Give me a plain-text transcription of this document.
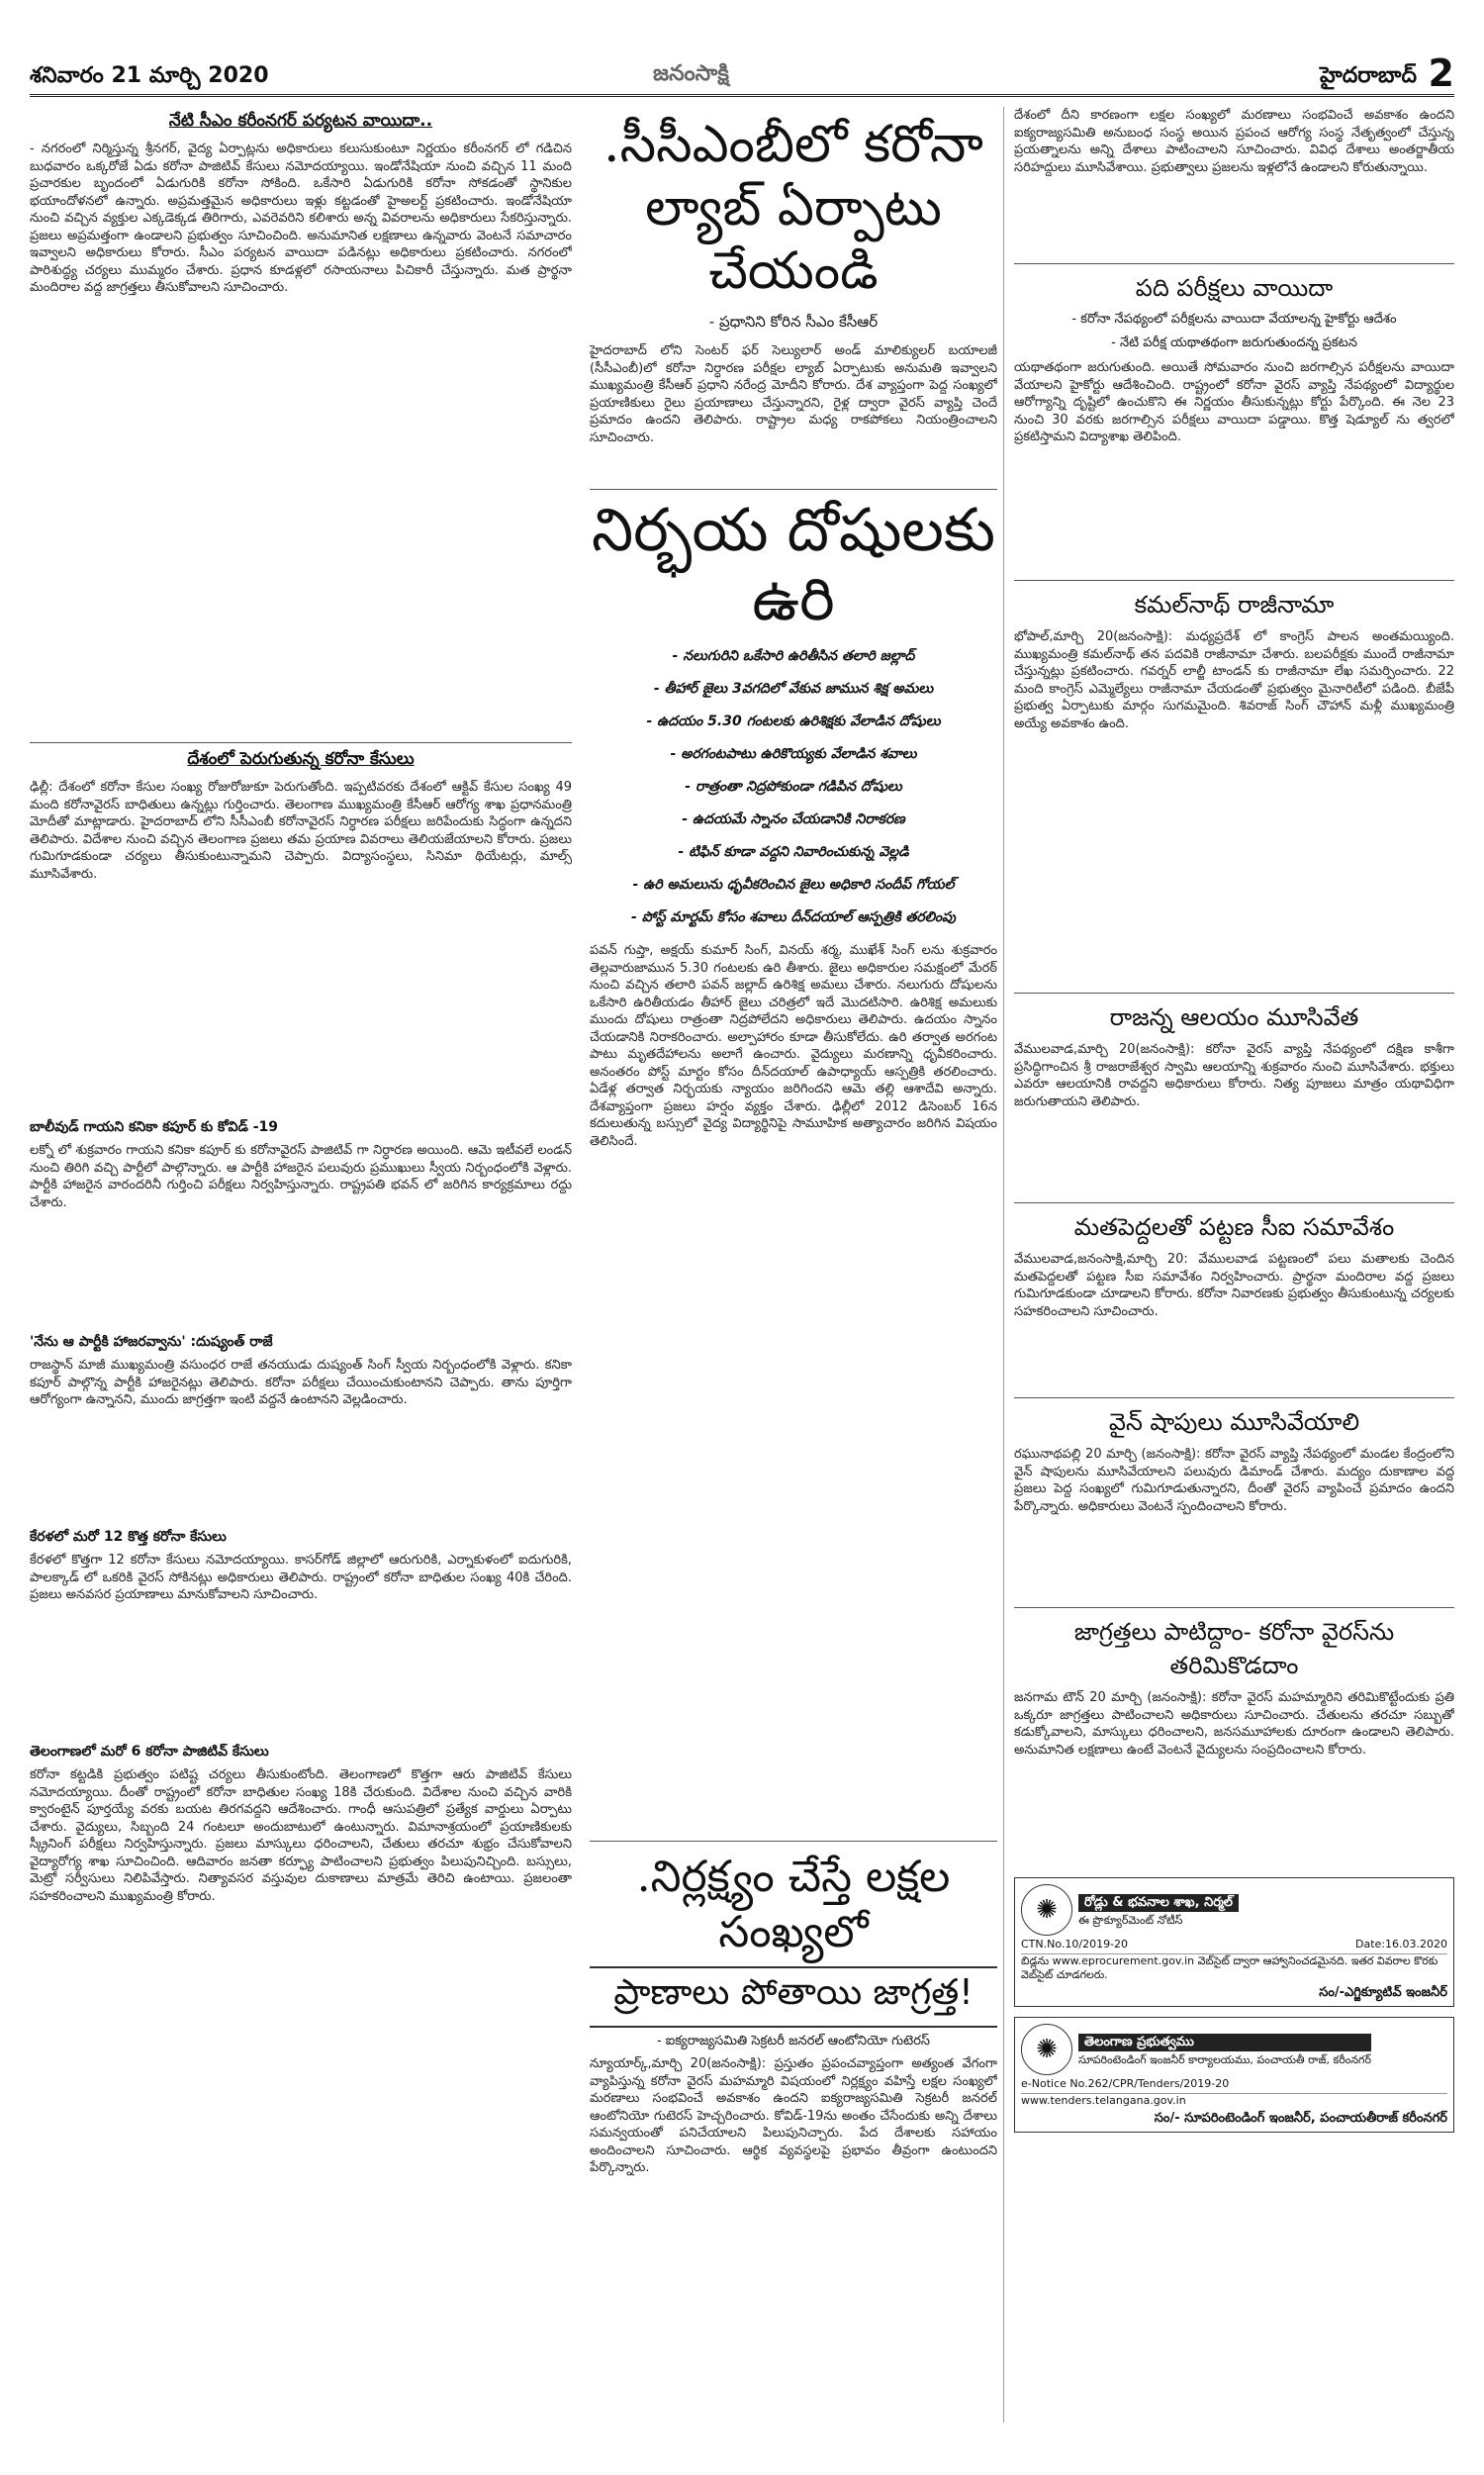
శనివారం 21 మార్చి 2020	జనంసాక్షి	హైదరాబాద్ 2
నేటి సీఎం కరీంనగర్ పర్యటన వాయిదా..
- నగరంలో నిర్మిస్తున్న శ్రీనగర్, వైద్య ఏర్పాట్లను అధికారులు కలుసుకుంటూ నిర్ణయం కరీంనగర్ లో గడిచిన బుధవారం ఒక్కరోజే ఏడు కరోనా పాజిటివ్ కేసులు నమోదయ్యాయి. ఇండోనేషియా నుంచి వచ్చిన 11 మంది ప్రచారకుల బృందంలో ఏడుగురికి కరోనా సోకింది. ఒకేసారి ఏడుగురికి కరోనా సోకడంతో స్థానికుల భయాందోళనలో ఉన్నారు. అప్రమత్తమైన అధికారులు ఇళ్లు కట్టడంతో హైఅలర్ట్ ప్రకటించారు. ఇండోనేషియా నుంచి వచ్చిన వ్యక్తుల ఎక్కడెక్కడ తిరిగారు, ఎవరెవరిని కలిశారు అన్న వివరాలను అధికారులు సేకరిస్తున్నారు. ప్రజలు అప్రమత్తంగా ఉండాలని ప్రభుత్వం సూచించింది. అనుమానిత లక్షణాలు ఉన్నవారు వెంటనే సమాచారం ఇవ్వాలని అధికారులు కోరారు. సీఎం పర్యటన వాయిదా పడినట్లు అధికారులు ప్రకటించారు. నగరంలో పారిశుద్ధ్య చర్యలు ముమ్మరం చేశారు. ప్రధాన కూడళ్లలో రసాయనాలు పిచికారీ చేస్తున్నారు. మత ప్రార్థనా మందిరాల వద్ద జాగ్రత్తలు తీసుకోవాలని సూచించారు.
దేశంలో పెరుగుతున్న కరోనా కేసులు
ఢిల్లీ: దేశంలో కరోనా కేసుల సంఖ్య రోజురోజుకూ పెరుగుతోంది. ఇప్పటివరకు దేశంలో ఆక్టివ్ కేసుల సంఖ్య 49 మంది కరోనావైరస్ బాధితులు ఉన్నట్లు గుర్తించారు. తెలంగాణ ముఖ్యమంత్రి కేసీఆర్ ఆరోగ్య శాఖ ప్రధానమంత్రి మోదీతో మాట్లాడారు. హైదరాబాద్ లోని సీసీఎంబీ కరోనావైరస్ నిర్ధారణ పరీక్షలు జరిపేందుకు సిద్ధంగా ఉన్నదని తెలిపారు. విదేశాల నుంచి వచ్చిన తెలంగాణ ప్రజలు తమ ప్రయాణ వివరాలు తెలియజేయాలని కోరారు. ప్రజలు గుమిగూడకుండా చర్యలు తీసుకుంటున్నామని చెప్పారు. విద్యాసంస్థలు, సినిమా థియేటర్లు, మాల్స్ మూసివేశారు.
బాలీవుడ్ గాయని కనికా కపూర్ కు కోవిడ్ -19
లక్నో లో శుక్రవారం గాయని కనికా కపూర్ కు కరోనావైరస్ పాజిటివ్ గా నిర్ధారణ అయింది. ఆమె ఇటీవలే లండన్ నుంచి తిరిగి వచ్చి పార్టీలో పాల్గొన్నారు. ఆ పార్టీకి హాజరైన పలువురు ప్రముఖులు స్వీయ నిర్బంధంలోకి వెళ్లారు. పార్టీకి హాజరైన వారందరినీ గుర్తించి పరీక్షలు నిర్వహిస్తున్నారు. రాష్ట్రపతి భవన్ లో జరిగిన కార్యక్రమాలు రద్దు చేశారు.
'నేను ఆ పార్టీకి హాజరవ్వాను' :దుష్యంత్ రాజే
రాజస్థాన్ మాజీ ముఖ్యమంత్రి వసుంధర రాజే తనయుడు దుష్యంత్ సింగ్ స్వీయ నిర్బంధంలోకి వెళ్లారు. కనికా కపూర్ పాల్గొన్న పార్టీకి హాజరైనట్లు తెలిపారు. కరోనా పరీక్షలు చేయించుకుంటానని చెప్పారు. తాను పూర్తిగా ఆరోగ్యంగా ఉన్నానని, ముందు జాగ్రత్తగా ఇంటి వద్దనే ఉంటానని వెల్లడించారు.
కేరళలో మరో 12 కొత్త కరోనా కేసులు
కేరళలో కొత్తగా 12 కరోనా కేసులు నమోదయ్యాయి. కాసర్‌గోడ్ జిల్లాలో ఆరుగురికి, ఎర్నాకుళంలో ఐదుగురికి, పాలక్కాడ్ లో ఒకరికి వైరస్ సోకినట్లు అధికారులు తెలిపారు. రాష్ట్రంలో కరోనా బాధితుల సంఖ్య 40కి చేరింది. ప్రజలు అనవసర ప్రయాణాలు మానుకోవాలని సూచించారు.
తెలంగాణలో మరో 6 కరోనా పాజిటివ్ కేసులు
కరోనా కట్టడికి ప్రభుత్వం పటిష్ట చర్యలు తీసుకుంటోంది. తెలంగాణలో కొత్తగా ఆరు పాజిటివ్ కేసులు నమోదయ్యాయి. దీంతో రాష్ట్రంలో కరోనా బాధితుల సంఖ్య 18కి చేరుకుంది. విదేశాల నుంచి వచ్చిన వారికి క్వారంటైన్ పూర్తయ్యే వరకు బయట తిరగవద్దని ఆదేశించారు. గాంధీ ఆసుపత్రిలో ప్రత్యేక వార్డులు ఏర్పాటు చేశారు. వైద్యులు, సిబ్బంది 24 గంటలూ అందుబాటులో ఉంటున్నారు. విమానాశ్రయంలో ప్రయాణికులకు స్క్రీనింగ్ పరీక్షలు నిర్వహిస్తున్నారు. ప్రజలు మాస్కులు ధరించాలని, చేతులు తరచూ శుభ్రం చేసుకోవాలని వైద్యారోగ్య శాఖ సూచించింది. ఆదివారం జనతా కర్ఫ్యూ పాటించాలని ప్రభుత్వం పిలుపునిచ్చింది. బస్సులు, మెట్రో సర్వీసులు నిలిపివేస్తారు. నిత్యావసర వస్తువుల దుకాణాలు మాత్రమే తెరిచి ఉంటాయి. ప్రజలంతా సహకరించాలని ముఖ్యమంత్రి కోరారు.
.సీసీఎంబీలో కరోనా ల్యాబ్ ఏర్పాటు చేయండి
- ప్రధానిని కోరిన సీఎం కేసీఆర్
హైదరాబాద్ లోని సెంటర్ ఫర్ సెల్యులార్ అండ్ మాలిక్యులర్ బయాలజీ (సీసీఎంబీ)లో కరోనా నిర్ధారణ పరీక్షల ల్యాబ్ ఏర్పాటుకు అనుమతి ఇవ్వాలని ముఖ్యమంత్రి కేసీఆర్ ప్రధాని నరేంద్ర మోదీని కోరారు. దేశ వ్యాప్తంగా పెద్ద సంఖ్యలో ప్రయాణికులు రైలు ప్రయాణాలు చేస్తున్నారని, రైళ్ల ద్వారా వైరస్ వ్యాప్తి చెందే ప్రమాదం ఉందని తెలిపారు. రాష్ట్రాల మధ్య రాకపోకలు నియంత్రించాలని సూచించారు.
నిర్భయ దోషులకు ఉరి
- నలుగురిని ఒకేసారి ఉరితీసిన తలారి జల్లాద్
- తీహార్ జైలు 3వగదిలో వేకువ జామున శిక్ష అమలు
- ఉదయం 5.30 గంటలకు ఉరిశిక్షకు వేలాడిన దోషులు
- అరగంటపాటు ఉరికొయ్యకు వేలాడిన శవాలు
- రాత్రంతా నిద్రపోకుండా గడిపిన దోషులు
- ఉదయమే స్నానం చేయడానికి నిరాకరణ
- టిఫిన్ కూడా వద్దని నివారించుకున్న వెల్లడి
- ఉరి అమలును ధృవీకరించిన జైలు అధికారి సందీప్ గోయల్
- పోస్ట్ మార్టమ్ కోసం శవాలు దీన్‌దయాల్ ఆస్పత్రికి తరలింపు
పవన్ గుప్తా, అక్షయ్ కుమార్ సింగ్, వినయ్ శర్మ, ముఖేశ్ సింగ్ లను శుక్రవారం తెల్లవారుజామున 5.30 గంటలకు ఉరి తీశారు. జైలు అధికారుల సమక్షంలో మేరఠ్ నుంచి వచ్చిన తలారి పవన్ జల్లాద్ ఉరిశిక్ష అమలు చేశారు. నలుగురు దోషులను ఒకేసారి ఉరితీయడం తీహార్ జైలు చరిత్రలో ఇదే మొదటిసారి. ఉరిశిక్ష అమలుకు ముందు దోషులు రాత్రంతా నిద్రపోలేదని అధికారులు తెలిపారు. ఉదయం స్నానం చేయడానికి నిరాకరించారు. అల్పాహారం కూడా తీసుకోలేదు. ఉరి తర్వాత అరగంట పాటు మృతదేహాలను అలాగే ఉంచారు. వైద్యులు మరణాన్ని ధృవీకరించారు. అనంతరం పోస్ట్ మార్టం కోసం దీన్‌దయాల్ ఉపాధ్యాయ్ ఆస్పత్రికి తరలించారు. ఏడేళ్ల తర్వాత నిర్భయకు న్యాయం జరిగిందని ఆమె తల్లి ఆశాదేవి అన్నారు. దేశవ్యాప్తంగా ప్రజలు హర్షం వ్యక్తం చేశారు. ఢిల్లీలో 2012 డిసెంబర్ 16న కదులుతున్న బస్సులో వైద్య విద్యార్థినిపై సామూహిక అత్యాచారం జరిగిన విషయం తెలిసిందే.
.నిర్లక్ష్యం చేస్తే లక్షల సంఖ్యలో
ప్రాణాలు పోతాయి జాగ్రత్త!
- ఐక్యరాజ్యసమితి సెక్రటరీ జనరల్ ఆంటోనియో గుటెరస్
న్యూయార్క్,మార్చి 20(జనంసాక్షి): ప్రస్తుతం ప్రపంచవ్యాప్తంగా అత్యంత వేగంగా వ్యాపిస్తున్న కరోనా వైరస్ మహమ్మారి విషయంలో నిర్లక్ష్యం వహిస్తే లక్షల సంఖ్యలో మరణాలు సంభవించే అవకాశం ఉందని ఐక్యరాజ్యసమితి సెక్రటరీ జనరల్ ఆంటోనియో గుటెరస్ హెచ్చరించారు. కోవిడ్-19ను అంతం చేసేందుకు అన్ని దేశాలు సమన్వయంతో పనిచేయాలని పిలుపునిచ్చారు. పేద దేశాలకు సహాయం అందించాలని సూచించారు. ఆర్థిక వ్యవస్థలపై ప్రభావం తీవ్రంగా ఉంటుందని పేర్కొన్నారు.
దేశంలో దీని కారణంగా లక్షల సంఖ్యలో మరణాలు సంభవించే అవకాశం ఉందని ఐక్యరాజ్యసమితి అనుబంధ సంస్థ అయిన ప్రపంచ ఆరోగ్య సంస్థ నేతృత్వంలో చేస్తున్న ప్రయత్నాలను అన్ని దేశాలు పాటించాలని సూచించారు. వివిధ దేశాలు అంతర్జాతీయ సరిహద్దులు మూసివేశాయి. ప్రభుత్వాలు ప్రజలను ఇళ్లలోనే ఉండాలని కోరుతున్నాయి.
పది పరీక్షలు వాయిదా
- కరోనా నేపథ్యంలో పరీక్షలను వాయిదా వేయాలన్న హైకోర్టు ఆదేశం
- నేటి పరీక్ష యథాతథంగా జరుగుతుందన్న ప్రకటన
యథాతథంగా జరుగుతుంది. అయితే సోమవారం నుంచి జరగాల్సిన పరీక్షలను వాయిదా వేయాలని హైకోర్టు ఆదేశించింది. రాష్ట్రంలో కరోనా వైరస్ వ్యాప్తి నేపథ్యంలో విద్యార్థుల ఆరోగ్యాన్ని దృష్టిలో ఉంచుకొని ఈ నిర్ణయం తీసుకున్నట్లు కోర్టు పేర్కొంది. ఈ నెల 23 నుంచి 30 వరకు జరగాల్సిన పరీక్షలు వాయిదా పడ్డాయి. కొత్త షెడ్యూల్ ను త్వరలో ప్రకటిస్తామని విద్యాశాఖ తెలిపింది.
కమల్‌నాథ్ రాజీనామా
భోపాల్,మార్చి 20(జనంసాక్షి): మధ్యప్రదేశ్ లో కాంగ్రెస్ పాలన అంతమయ్యింది. ముఖ్యమంత్రి కమల్‌నాథ్ తన పదవికి రాజీనామా చేశారు. బలపరీక్షకు ముందే రాజీనామా చేస్తున్నట్లు ప్రకటించారు. గవర్నర్ లాల్జీ టాండన్ కు రాజీనామా లేఖ సమర్పించారు. 22 మంది కాంగ్రెస్ ఎమ్మెల్యేలు రాజీనామా చేయడంతో ప్రభుత్వం మైనారిటీలో పడింది. బీజేపీ ప్రభుత్వ ఏర్పాటుకు మార్గం సుగమమైంది. శివరాజ్ సింగ్ చౌహాన్ మళ్లీ ముఖ్యమంత్రి అయ్యే అవకాశం ఉంది.
రాజన్న ఆలయం మూసివేత
వేములవాడ,మార్చి 20(జనంసాక్షి): కరోనా వైరస్ వ్యాప్తి నేపథ్యంలో దక్షిణ కాశీగా ప్రసిద్ధిగాంచిన శ్రీ రాజరాజేశ్వర స్వామి ఆలయాన్ని శుక్రవారం నుంచి మూసివేశారు. భక్తులు ఎవరూ ఆలయానికి రావద్దని అధికారులు కోరారు. నిత్య పూజలు మాత్రం యథావిధిగా జరుగుతాయని తెలిపారు.
మతపెద్దలతో పట్టణ సీఐ సమావేశం
వేములవాడ,జనంసాక్షి,మార్చి 20: వేములవాడ పట్టణంలో పలు మతాలకు చెందిన మతపెద్దలతో పట్టణ సీఐ సమావేశం నిర్వహించారు. ప్రార్థనా మందిరాల వద్ద ప్రజలు గుమిగూడకుండా చూడాలని కోరారు. కరోనా నివారణకు ప్రభుత్వం తీసుకుంటున్న చర్యలకు సహకరించాలని సూచించారు.
వైన్ షాపులు మూసివేయాలి
రఘునాథపల్లి 20 మార్చి (జనంసాక్షి): కరోనా వైరస్ వ్యాప్తి నేపథ్యంలో మండల కేంద్రంలోని వైన్ షాపులను మూసివేయాలని పలువురు డిమాండ్ చేశారు. మద్యం దుకాణాల వద్ద ప్రజలు పెద్ద సంఖ్యలో గుమిగూడుతున్నారని, దీంతో వైరస్ వ్యాపించే ప్రమాదం ఉందని పేర్కొన్నారు. అధికారులు వెంటనే స్పందించాలని కోరారు.
జాగ్రత్తలు పాటిద్దాం- కరోనా వైరస్‌ను తరిమికొడదాం
జనగామ టౌన్ 20 మార్చి (జనంసాక్షి): కరోనా వైరస్ మహమ్మారిని తరిమికొట్టేందుకు ప్రతి ఒక్కరూ జాగ్రత్తలు పాటించాలని అధికారులు సూచించారు. చేతులను తరచూ సబ్బుతో కడుక్కోవాలని, మాస్కులు ధరించాలని, జనసమూహాలకు దూరంగా ఉండాలని తెలిపారు. అనుమానిత లక్షణాలు ఉంటే వెంటనే వైద్యులను సంప్రదించాలని కోరారు.
✺	రోడ్లు & భవనాల శాఖ, నిర్మల్
ఈ ప్రొక్యూర్‌మెంట్ నోటీస్
CTN.No.10/2019-20	Date:16.03.2020
బిడ్లను www.eprocurement.gov.in వెబ్‌సైట్ ద్వారా ఆహ్వానించడమైనది. ఇతర వివరాల కొరకు వెబ్‌సైట్ చూడగలరు.
సం/-ఎగ్జిక్యూటివ్ ఇంజనీర్
✺	తెలంగాణ ప్రభుత్వము
సూపరింటెండింగ్ ఇంజనీర్ కార్యాలయము, పంచాయతీ రాజ్, కరీంనగర్
e-Notice No.262/CPR/Tenders/2019-20
www.tenders.telangana.gov.in
సం/- సూపరింటెండింగ్ ఇంజనీర్, పంచాయతీరాజ్ కరీంనగర్
